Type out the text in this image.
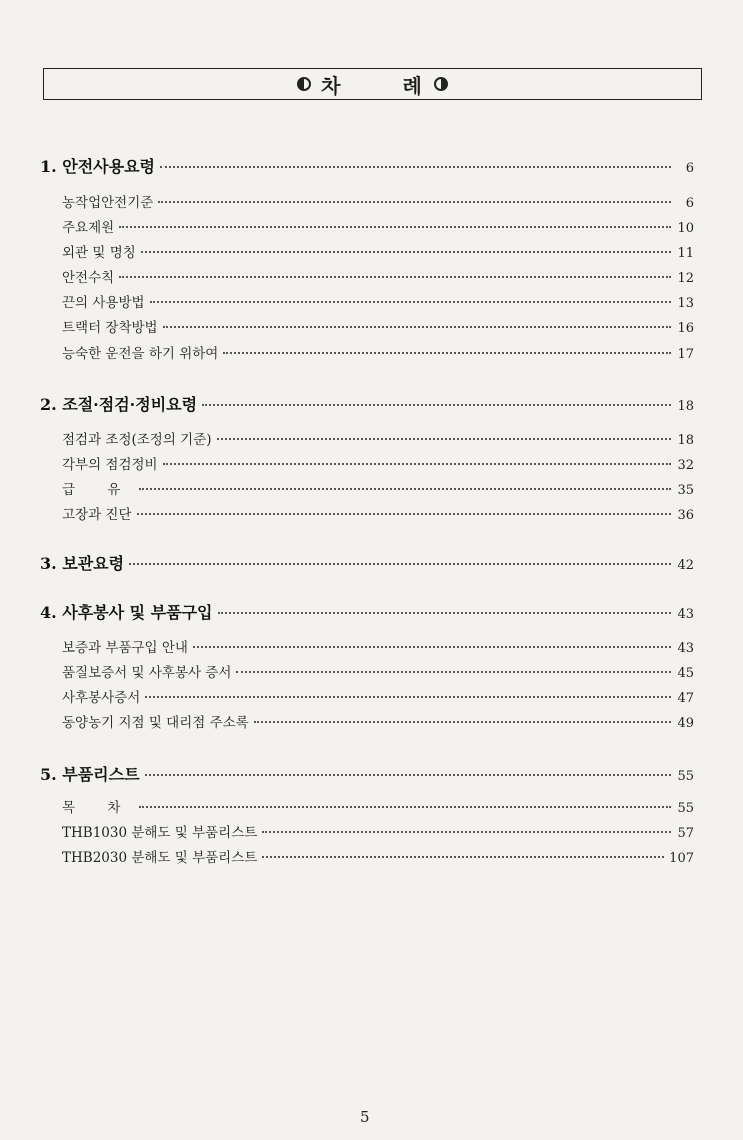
차	례
1. 안전사용요령	6
농작업안전기준	6
주요제원	10
외관 및 명칭	11
안전수칙	12
끈의 사용방법	13
트랙터 장착방법	16
능숙한 운전을 하기 위하여	17
2. 조절·점검·정비요령	18
점검과 조정(조정의 기준)	18
각부의 점검정비	32
급 유	35
고장과 진단	36
3. 보관요령	42
4. 사후봉사 및 부품구입	43
보증과 부품구입 안내	43
품질보증서 및 사후봉사 증서	45
사후봉사증서	47
동양농기 지점 및 대리점 주소록	49
5. 부품리스트	55
목 차	55
THB1030 분해도 및 부품리스트	57
THB2030 분해도 및 부품리스트	107
5
